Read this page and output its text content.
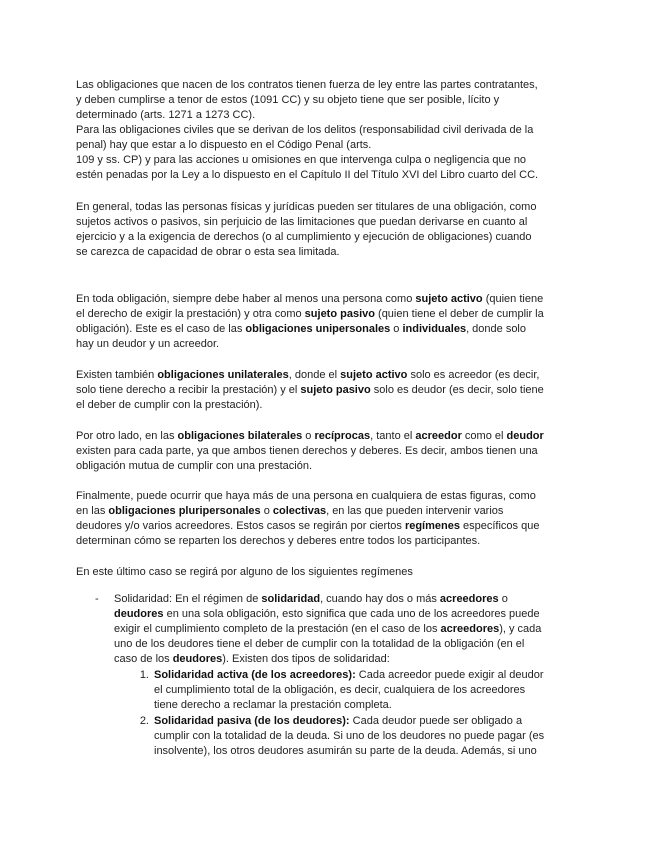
Las obligaciones que nacen de los contratos tienen fuerza de ley entre las partes contratantes,
y deben cumplirse a tenor de estos (1091 CC) y su objeto tiene que ser posible, lícito y
determinado (arts. 1271 a 1273 CC).
Para las obligaciones civiles que se derivan de los delitos (responsabilidad civil derivada de la
penal) hay que estar a lo dispuesto en el Código Penal (arts.
109 y ss. CP) y para las acciones u omisiones en que intervenga culpa o negligencia que no
estén penadas por la Ley a lo dispuesto en el Capítulo II del Título XVI del Libro cuarto del CC.

En general, todas las personas físicas y jurídicas pueden ser titulares de una obligación, como
sujetos activos o pasivos, sin perjuicio de las limitaciones que puedan derivarse en cuanto al
ejercicio y a la exigencia de derechos (o al cumplimiento y ejecución de obligaciones) cuando
se carezca de capacidad de obrar o esta sea limitada.

En toda obligación, siempre debe haber al menos una persona como sujeto activo (quien tiene
el derecho de exigir la prestación) y otra como sujeto pasivo (quien tiene el deber de cumplir la
obligación). Este es el caso de las obligaciones unipersonales o individuales, donde solo
hay un deudor y un acreedor.

Existen también obligaciones unilaterales, donde el sujeto activo solo es acreedor (es decir,
solo tiene derecho a recibir la prestación) y el sujeto pasivo solo es deudor (es decir, solo tiene
el deber de cumplir con la prestación).

Por otro lado, en las obligaciones bilaterales o recíprocas, tanto el acreedor como el deudor
existen para cada parte, ya que ambos tienen derechos y deberes. Es decir, ambos tienen una
obligación mutua de cumplir con una prestación.

Finalmente, puede ocurrir que haya más de una persona en cualquiera de estas figuras, como
en las obligaciones pluripersonales o colectivas, en las que pueden intervenir varios
deudores y/o varios acreedores. Estos casos se regirán por ciertos regímenes específicos que
determinan cómo se reparten los derechos y deberes entre todos los participantes.

En este último caso se regirá por alguno de los siguientes regímenes

- Solidaridad: En el régimen de solidaridad, cuando hay dos o más acreedores o
deudores en una sola obligación, esto significa que cada uno de los acreedores puede
exigir el cumplimiento completo de la prestación (en el caso de los acreedores), y cada
uno de los deudores tiene el deber de cumplir con la totalidad de la obligación (en el
caso de los deudores). Existen dos tipos de solidaridad:

1. Solidaridad activa (de los acreedores): Cada acreedor puede exigir al deudor
el cumplimiento total de la obligación, es decir, cualquiera de los acreedores
tiene derecho a reclamar la prestación completa.

2. Solidaridad pasiva (de los deudores): Cada deudor puede ser obligado a
cumplir con la totalidad de la deuda. Si uno de los deudores no puede pagar (es
insolvente), los otros deudores asumirán su parte de la deuda. Además, si uno
